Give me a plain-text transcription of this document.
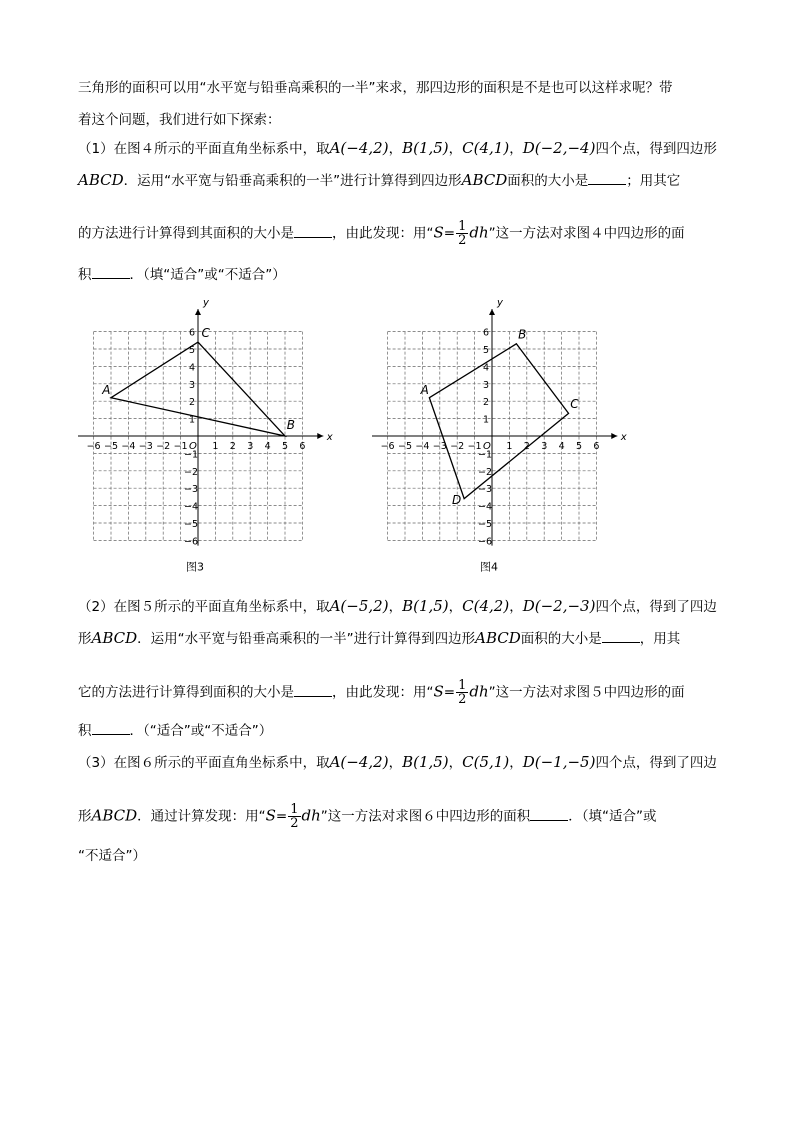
三角形的面积可以用“水平宽与铅垂高乘积的一半”来求，那四边形的面积是不是也可以这样求呢？带
着这个问题，我们进行如下探索：
（1）在图４所示的平面直角坐标系中，取A(−4,2)，B(1,5)，C(4,1)，D(−2,−4)四个点，得到四边形
ABCD．运用“水平宽与铅垂高乘积的一半”进行计算得到四边形ABCD面积的大小是	；用其它
的方法进行计算得到其面积的大小是	，由此发现：用“$S= \frac{1}{2}$ dh”这一方法对求图４中四边形的面
积	．（填“适合”或“不适合”）
x
y
O
−6 −5 −4 −3 −2 −1	1 2 3 4 5 6
6
5
4
3
2
1
−1
−2
−3
−4
−5
−6
A
C
B
图3
x
y
O
−6 −5 −4 −3 −2 −1	1 2 3 4 5 6
6
5
4
3
2
1
−1
−2
−3
−4
−5
−6
A
B
C
D
图4
（2）在图５所示的平面直角坐标系中，取A(−5,2)，B(1,5)，C(4,2)，D(−2,−3)四个点，得到了四边
形ABCD．运用“水平宽与铅垂高乘积的一半”进行计算得到四边形ABCD面积的大小是	，用其
它的方法进行计算得到面积的大小是	，由此发现：用“$S= \frac{1}{2}$ dh”这一方法对求图５中四边形的面
积	．（“适合”或“不适合”）
（3）在图６所示的平面直角坐标系中，取A(−4,2)，B(1,5)，C(5,1)，D(−1,−5)四个点，得到了四边
形ABCD．通过计算发现：用“$S= \frac{1}{2}$ dh”这一方法对求图６中四边形的面积	．（填“适合”或
“不适合”）
